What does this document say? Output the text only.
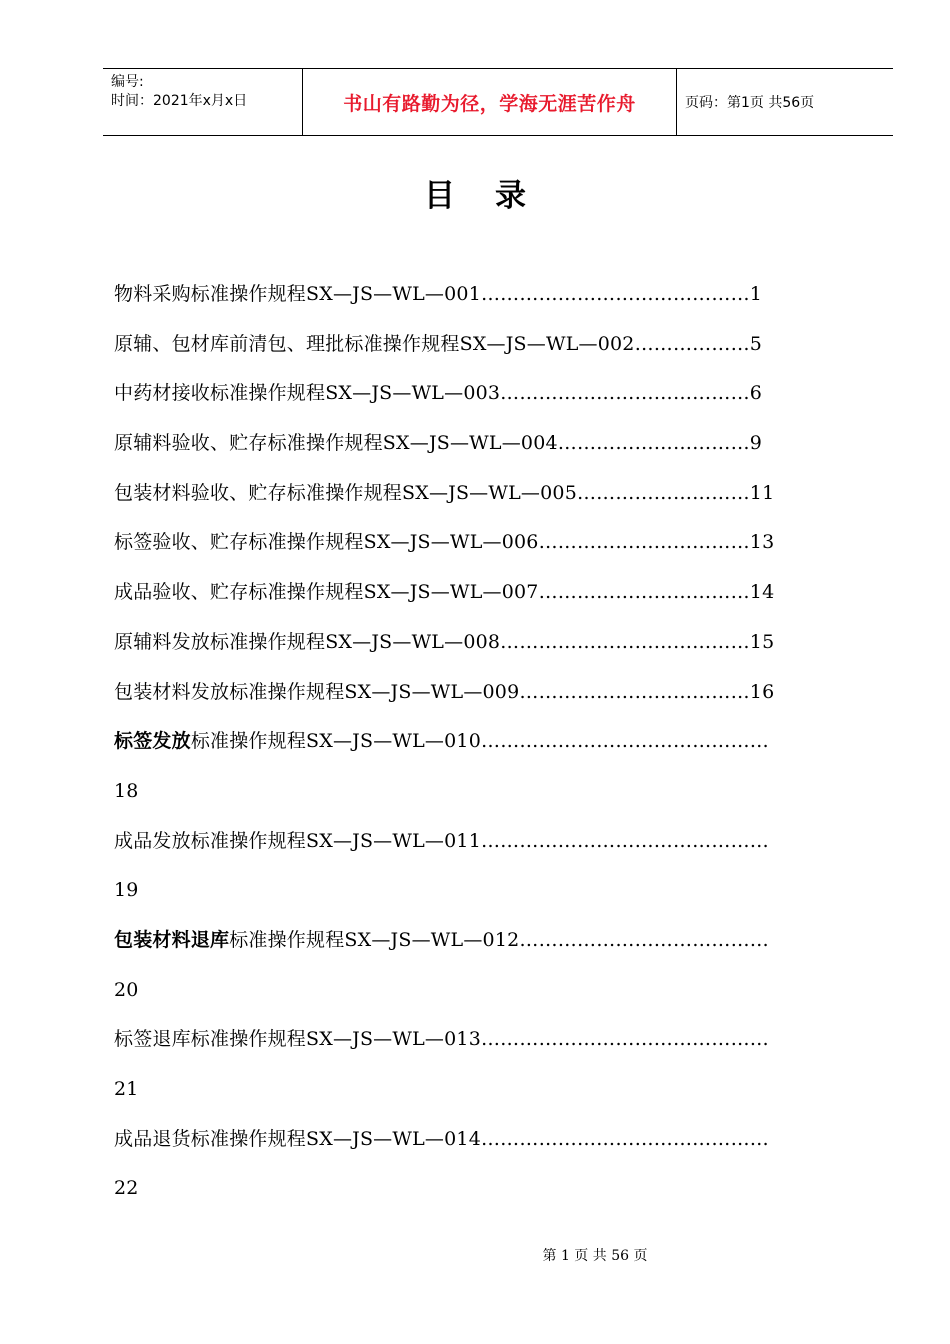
编号:
时间：2021年x月x日	书山有路勤为径，学海无涯苦作舟	页码：第1页 共56页
目录
物料采购标准操作规程SX—JS—WL—001……………………………………1
原辅、包材库前清包、理批标准操作规程SX—JS—WL—002………………5
中药材接收标准操作规程SX—JS—WL—003…………………………………6
原辅料验收、贮存标准操作规程SX—JS—WL—004…………………………9
包装材料验收、贮存标准操作规程SX—JS—WL—005………………………11
标签验收、贮存标准操作规程SX—JS—WL—006……………………………13
成品验收、贮存标准操作规程SX—JS—WL—007……………………………14
原辅料发放标准操作规程SX—JS—WL—008…………………………………15
包装材料发放标准操作规程SX—JS—WL—009………………………………16
标签发放标准操作规程SX—JS—WL—010………………………………………
18
成品发放标准操作规程SX—JS—WL—011………………………………………
19
包装材料退库标准操作规程SX—JS—WL—012…………………………………
20
标签退库标准操作规程SX—JS—WL—013………………………………………
21
成品退货标准操作规程SX—JS—WL—014………………………………………
22
第 1 页 共 56 页
